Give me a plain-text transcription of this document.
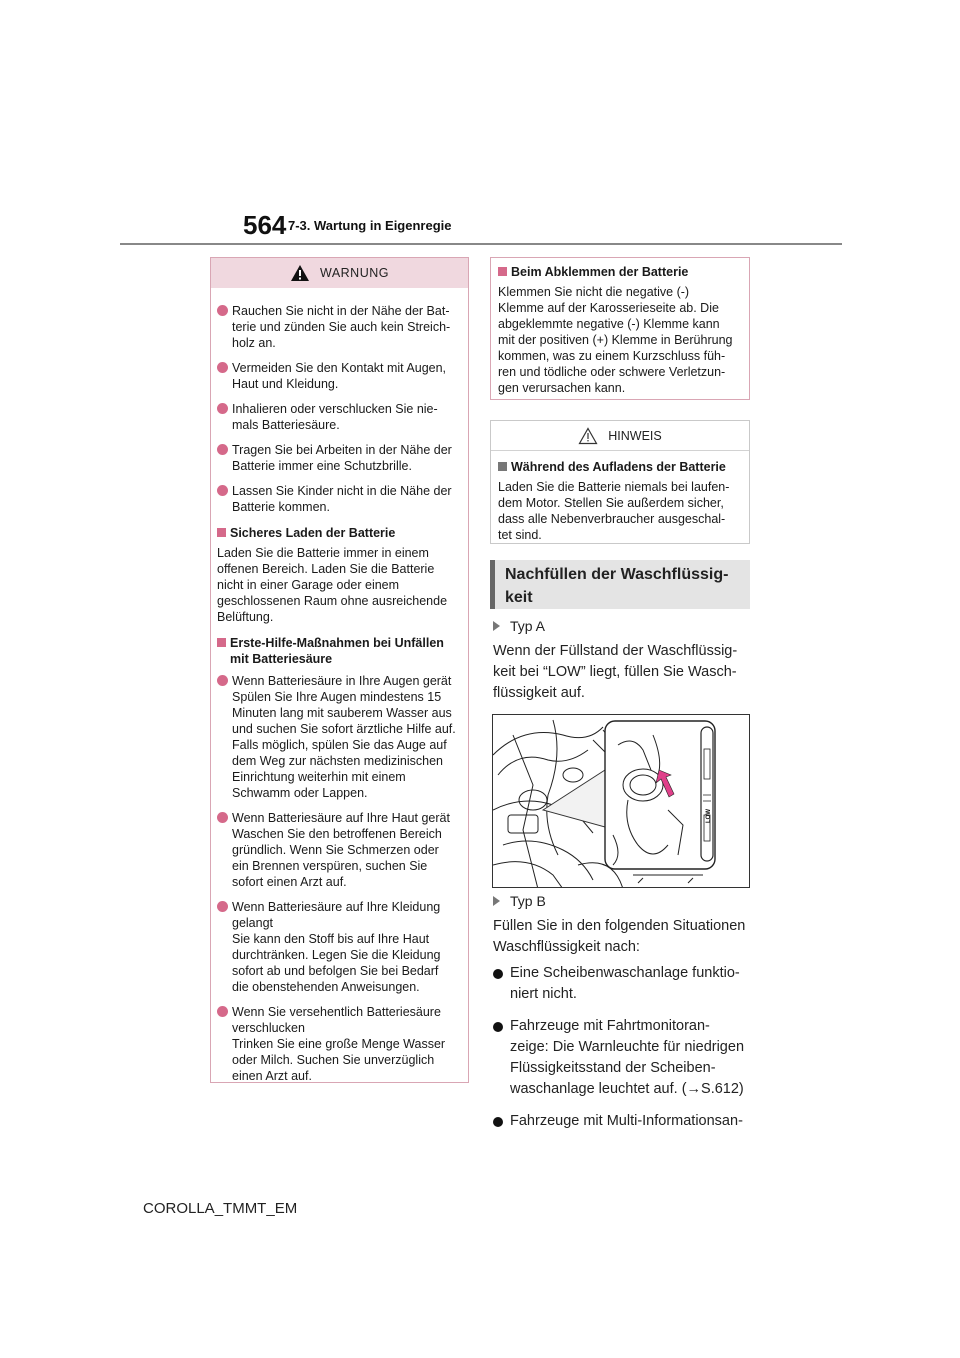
564 7-3. Wartung in Eigenregie
WARNUNG
Rauchen Sie nicht in der Nähe der Bat-
terie und zünden Sie auch kein Streich-
holz an.
Vermeiden Sie den Kontakt mit Augen,
Haut und Kleidung.
Inhalieren oder verschlucken Sie nie-
mals Batteriesäure.
Tragen Sie bei Arbeiten in der Nähe der
Batterie immer eine Schutzbrille.
Lassen Sie Kinder nicht in die Nähe der
Batterie kommen.
Sicheres Laden der Batterie
Laden Sie die Batterie immer in einem
offenen Bereich. Laden Sie die Batterie
nicht in einer Garage oder einem
geschlossenen Raum ohne ausreichende
Belüftung.
Erste-Hilfe-Maßnahmen bei Unfällen
mit Batteriesäure
Wenn Batteriesäure in Ihre Augen gerät
Spülen Sie Ihre Augen mindestens 15
Minuten lang mit sauberem Wasser aus
und suchen Sie sofort ärztliche Hilfe auf.
Falls möglich, spülen Sie das Auge auf
dem Weg zur nächsten medizinischen
Einrichtung weiterhin mit einem
Schwamm oder Lappen.
Wenn Batteriesäure auf Ihre Haut gerät
Waschen Sie den betroffenen Bereich
gründlich. Wenn Sie Schmerzen oder
ein Brennen verspüren, suchen Sie
sofort einen Arzt auf.
Wenn Batteriesäure auf Ihre Kleidung
gelangt
Sie kann den Stoff bis auf Ihre Haut
durchtränken. Legen Sie die Kleidung
sofort ab und befolgen Sie bei Bedarf
die obenstehenden Anweisungen.
Wenn Sie versehentlich Batteriesäure
verschlucken
Trinken Sie eine große Menge Wasser
oder Milch. Suchen Sie unverzüglich
einen Arzt auf.
Beim Abklemmen der Batterie
Klemmen Sie nicht die negative (-)
Klemme auf der Karosserieseite ab. Die
abgeklemmte negative (-) Klemme kann
mit der positiven (+) Klemme in Berührung
kommen, was zu einem Kurzschluss füh-
ren und tödliche oder schwere Verletzun-
gen verursachen kann.
HINWEIS
Während des Aufladens der Batterie
Laden Sie die Batterie niemals bei laufen-
dem Motor. Stellen Sie außerdem sicher,
dass alle Nebenverbraucher ausgeschal-
tet sind.
Nachfüllen der Waschflüssig-
keit
Typ A
Wenn der Füllstand der Waschflüssig-
keit bei “LOW” liegt, füllen Sie Wasch-
flüssigkeit auf.
LOW
Typ B
Füllen Sie in den folgenden Situationen
Waschflüssigkeit nach:
Eine Scheibenwaschanlage funktio-
niert nicht.
Fahrzeuge mit Fahrtmonitoran-
zeige: Die Warnleuchte für niedrigen
Flüssigkeitsstand der Scheiben-
waschanlage leuchtet auf. (→S.612)
Fahrzeuge mit Multi-Informationsan-
COROLLA_TMMT_EM
